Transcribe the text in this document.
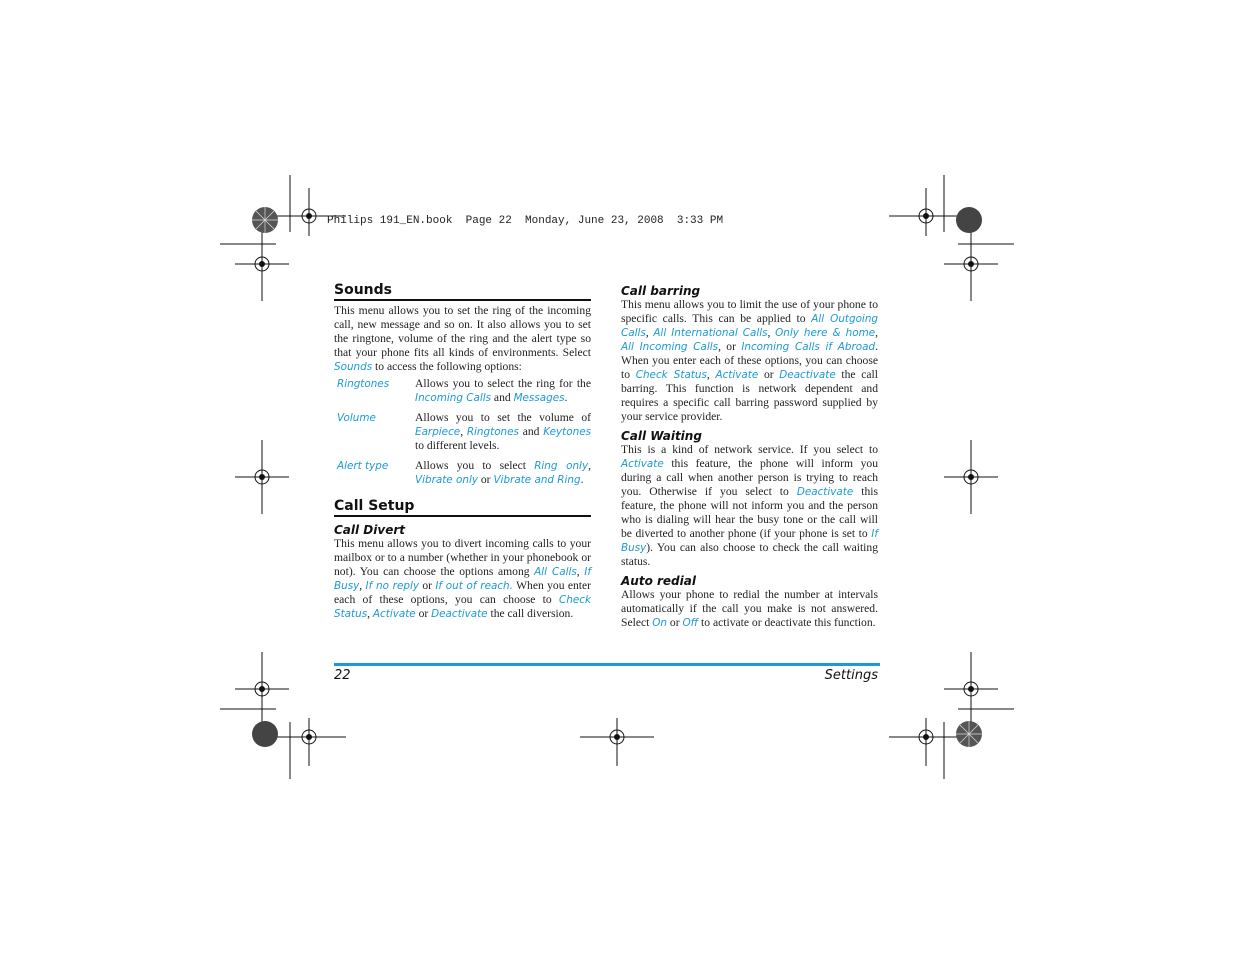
Philips 191_EN.book  Page 22  Monday, June 23, 2008  3:33 PM

Sounds

This menu allows you to set the ring of the incoming call, new message and so on. It also allows you to set the ringtone, volume of the ring and the alert type so that your phone fits all kinds of environments. Select Sounds to access the following options:

Ringtones	Allows you to select the ring for the Incoming Calls and Messages.
Volume	Allows you to set the volume of Earpiece, Ringtones and Keytones to different levels.
Alert type	Allows you to select Ring only, Vibrate only or Vibrate and Ring.

Call Setup

Call Divert

This menu allows you to divert incoming calls to your mailbox or to a number (whether in your phonebook or not). You can choose the options among All Calls, If Busy, If no reply or If out of reach. When you enter each of these options, you can choose to Check Status, Activate or Deactivate the call diversion.

Call barring

This menu allows you to limit the use of your phone to specific calls. This can be applied to All Outgoing Calls, All International Calls, Only here & home, All Incoming Calls, or Incoming Calls if Abroad. When you enter each of these options, you can choose to Check Status, Activate or Deactivate the call barring. This function is network dependent and requires a specific call barring password supplied by your service provider.

Call Waiting

This is a kind of network service. If you select to Activate this feature, the phone will inform you during a call when another person is trying to reach you. Otherwise if you select to Deactivate this feature, the phone will not inform you and the person who is dialing will hear the busy tone or the call will be diverted to another phone (if your phone is set to If Busy). You can also choose to check the call waiting status.

Auto redial

Allows your phone to redial the number at intervals automatically if the call you make is not answered. Select On or Off to activate or deactivate this function.

22	Settings
